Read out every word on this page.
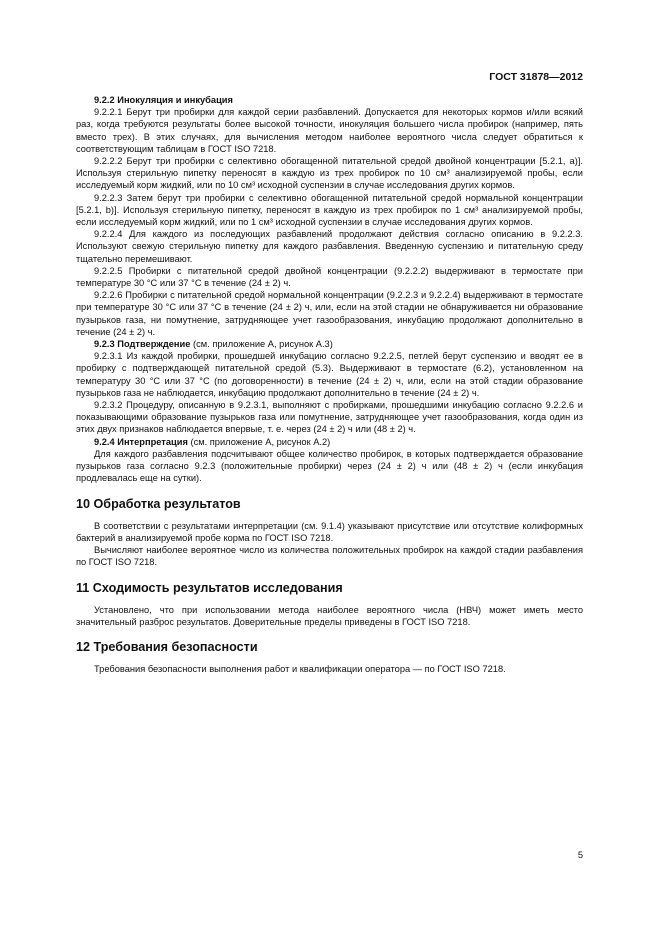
ГОСТ 31878—2012

9.2.2 Инокуляция и инкубация

9.2.2.1 Берут три пробирки для каждой серии разбавлений. Допускается для некоторых кормов и/или всякий раз, когда требуются результаты более высокой точности, инокуляция большего числа пробирок (например, пять вместо трех). В этих случаях, для вычисления методом наиболее вероятного числа следует обратиться к соответствующим таблицам в ГОСТ ISO 7218.

9.2.2.2 Берут три пробирки с селективно обогащенной питательной средой двойной концентрации [5.2.1, а)]. Используя стерильную пипетку переносят в каждую из трех пробирок по 10 см³ анализируемой пробы, если исследуемый корм жидкий, или по 10 см³ исходной суспензии в случае исследования других кормов.

9.2.2.3 Затем берут три пробирки с селективно обогащенной питательной средой нормальной концентрации [5.2.1, b)]. Используя стерильную пипетку, переносят в каждую из трех пробирок по 1 см³ анализируемой пробы, если исследуемый корм жидкий, или по 1 см³ исходной суспензии в случае исследования других кормов.

9.2.2.4 Для каждого из последующих разбавлений продолжают действия согласно описанию в 9.2.2.3. Используют свежую стерильную пипетку для каждого разбавления. Введенную суспензию и питательную среду тщательно перемешивают.

9.2.2.5 Пробирки с питательной средой двойной концентрации (9.2.2.2) выдерживают в термостате при температуре 30 °С или 37 °С в течение (24 ± 2) ч.

9.2.2.6 Пробирки с питательной средой нормальной концентрации (9.2.2.3 и 9.2.2.4) выдерживают в термостате при температуре 30 °С или 37 °С в течение (24 ± 2) ч, или, если на этой стадии не обнаруживается ни образование пузырьков газа, ни помутнение, затрудняющее учет газообразования, инкубацию продолжают дополнительно в течение (24 ± 2) ч.

9.2.3 Подтверждение (см. приложение А, рисунок А.3)

9.2.3.1 Из каждой пробирки, прошедшей инкубацию согласно 9.2.2.5, петлей берут суспензию и вводят ее в пробирку с подтверждающей питательной средой (5.3). Выдерживают в термостате (6.2), установленном на температуру 30 °С или 37 °С (по договоренности) в течение (24 ± 2) ч, или, если на этой стадии образование пузырьков газа не наблюдается, инкубацию продолжают дополнительно в течение (24 ± 2) ч.

9.2.3.2 Процедуру, описанную в 9.2.3.1, выполняют с пробирками, прошедшими инкубацию согласно 9.2.2.6 и показывающими образование пузырьков газа или помутнение, затрудняющее учет газообразования, когда один из этих двух признаков наблюдается впервые, т. е. через (24 ± 2) ч или (48 ± 2) ч.

9.2.4 Интерпретация (см. приложение А, рисунок А.2)

Для каждого разбавления подсчитывают общее количество пробирок, в которых подтверждается образование пузырьков газа согласно 9.2.3 (положительные пробирки) через (24 ± 2) ч или (48 ± 2) ч (если инкубация продлевалась еще на сутки).

10 Обработка результатов

В соответствии с результатами интерпретации (см. 9.1.4) указывают присутствие или отсутствие колиформных бактерий в анализируемой пробе корма по ГОСТ ISO 7218.

Вычисляют наиболее вероятное число из количества положительных пробирок на каждой стадии разбавления по ГОСТ ISO 7218.

11 Сходимость результатов исследования

Установлено, что при использовании метода наиболее вероятного числа (НВЧ) может иметь место значительный разброс результатов. Доверительные пределы приведены в ГОСТ ISO 7218.

12 Требования безопасности

Требования безопасности выполнения работ и квалификации оператора — по ГОСТ ISO 7218.

5
